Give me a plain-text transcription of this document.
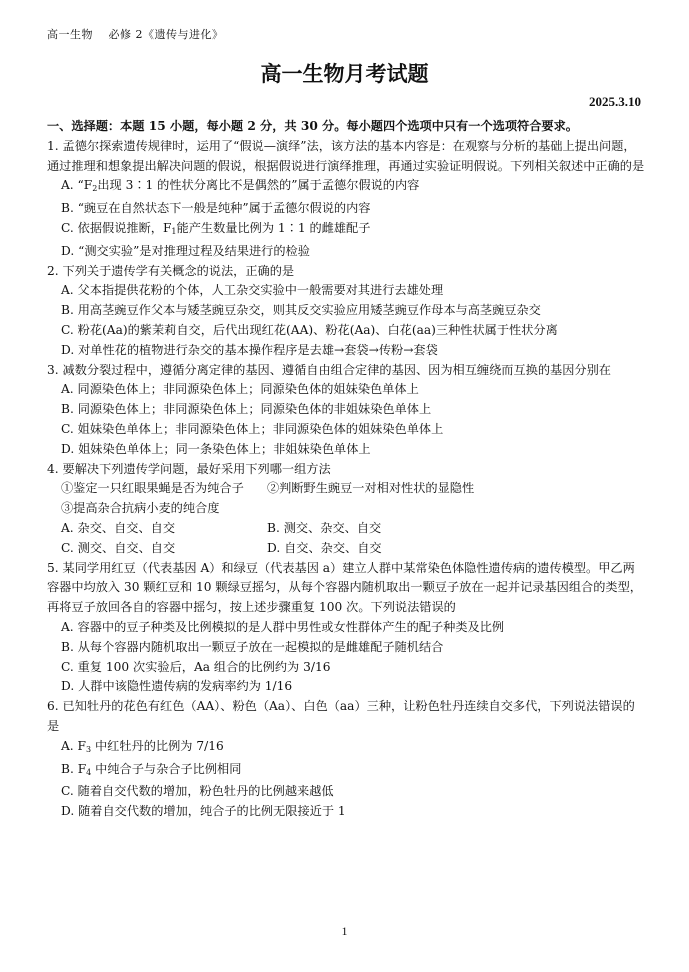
高一生物　 必修 2《遗传与进化》
高一生物月考试题
2025.3.10
一、选择题：本题 15 小题，每小题 2 分，共 30 分。每小题四个选项中只有一个选项符合要求。
1. 孟德尔探索遗传规律时，运用了“假说—演绎”法，该方法的基本内容是：在观察与分析的基础上提出问题，通过推理和想象提出解决问题的假说，根据假说进行演绎推理，再通过实验证明假说。下列相关叙述中正确的是
A. “$F_2$出现 3∶1 的性状分离比不是偶然的”属于孟德尔假说的内容
B. “豌豆在自然状态下一般是纯种”属于孟德尔假说的内容
C. 依据假说推断，$F_1$能产生数量比例为 1∶1 的雌雄配子
D. “测交实验”是对推理过程及结果进行的检验
2. 下列关于遗传学有关概念的说法，正确的是
A. 父本指提供花粉的个体，人工杂交实验中一般需要对其进行去雄处理
B. 用高茎豌豆作父本与矮茎豌豆杂交，则其反交实验应用矮茎豌豆作母本与高茎豌豆杂交
C. 粉花(Aa)的紫茉莉自交，后代出现红花(AA)、粉花(Aa)、白花(aa)三种性状属于性状分离
D. 对单性花的植物进行杂交的基本操作程序是去雄→套袋→传粉→套袋
3. 减数分裂过程中，遵循分离定律的基因、遵循自由组合定律的基因、因为相互缠绕而互换的基因分别在
A. 同源染色体上；非同源染色体上；同源染色体的姐妹染色单体上
B. 同源染色体上；非同源染色体上；同源染色体的非姐妹染色单体上
C. 姐妹染色单体上；非同源染色体上；非同源染色体的姐妹染色单体上
D. 姐妹染色单体上；同一条染色体上；非姐妹染色单体上
4. 要解决下列遗传学问题，最好采用下列哪一组方法
①鉴定一只红眼果蝇是否为纯合子	②判断野生豌豆一对相对性状的显隐性
③提高杂合抗病小麦的纯合度
A. 杂交、自交、自交	B. 测交、杂交、自交
C. 测交、自交、自交	D. 自交、杂交、自交
5. 某同学用红豆（代表基因 A）和绿豆（代表基因 a）建立人群中某常染色体隐性遗传病的遗传模型。甲乙两容器中均放入 30 颗红豆和 10 颗绿豆摇匀，从每个容器内随机取出一颗豆子放在一起并记录基因组合的类型，再将豆子放回各自的容器中摇匀，按上述步骤重复 100 次。下列说法错误的
A. 容器中的豆子种类及比例模拟的是人群中男性或女性群体产生的配子种类及比例
B. 从每个容器内随机取出一颗豆子放在一起模拟的是雌雄配子随机结合
C. 重复 100 次实验后，Aa 组合的比例约为 3/16
D. 人群中该隐性遗传病的发病率约为 1/16
6. 已知牡丹的花色有红色（AA）、粉色（Aa）、白色（aa）三种，让粉色牡丹连续自交多代，下列说法错误的是
A. $F_3$ 中红牡丹的比例为 7/16
B. $F_4$ 中纯合子与杂合子比例相同
C. 随着自交代数的增加，粉色牡丹的比例越来越低
D. 随着自交代数的增加，纯合子的比例无限接近于 1
1
